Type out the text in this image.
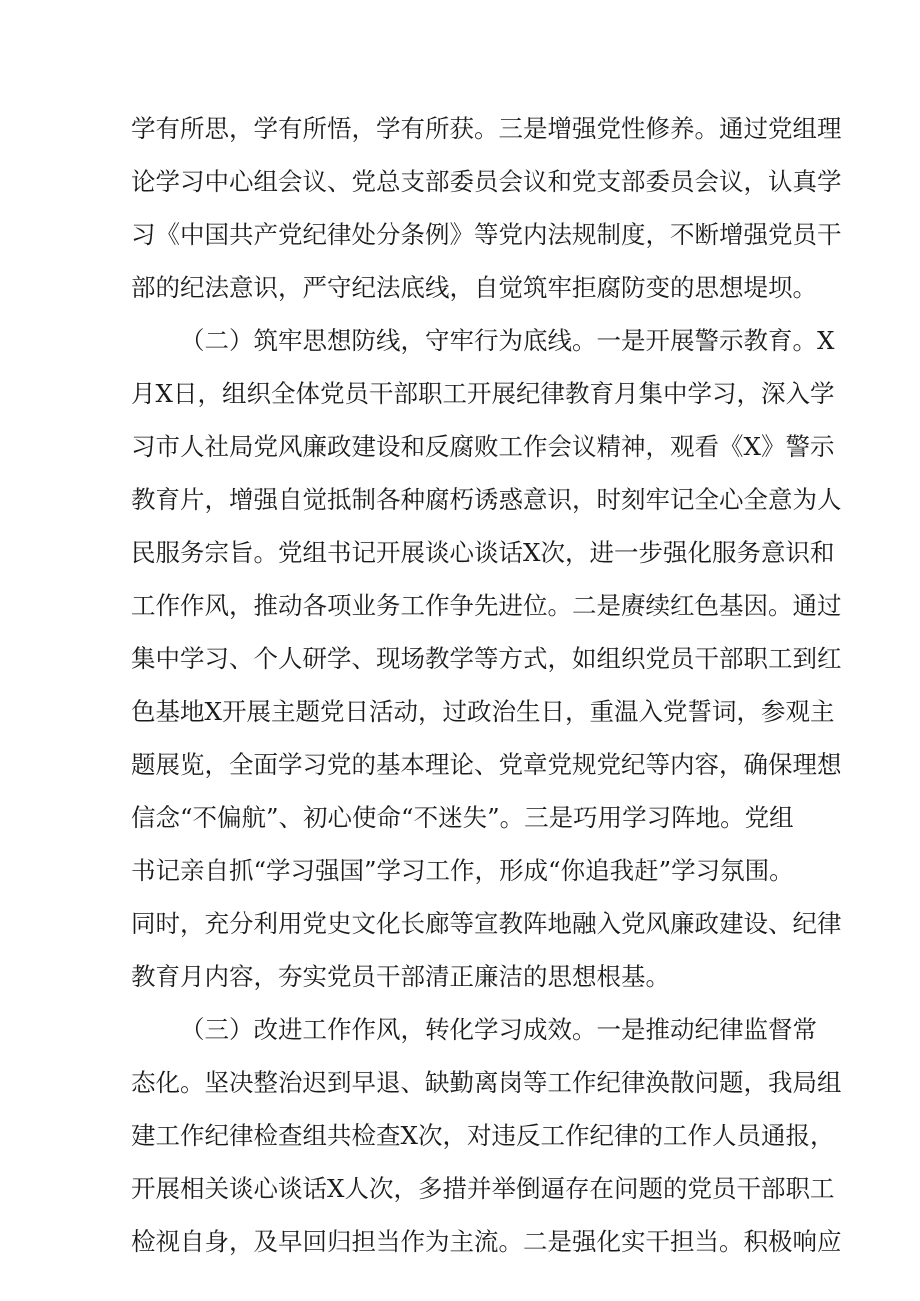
学有所思，学有所悟，学有所获。三是增强党性修养。通过党组理
论学习中心组会议、党总支部委员会议和党支部委员会议，认真学
习《中国共产党纪律处分条例》等党内法规制度，不断增强党员干
部的纪法意识，严守纪法底线，自觉筑牢拒腐防变的思想堤坝。
（二）筑牢思想防线，守牢行为底线。一是开展警示教育。X
月X日，组织全体党员干部职工开展纪律教育月集中学习，深入学
习市人社局党风廉政建设和反腐败工作会议精神，观看《X》警示
教育片，增强自觉抵制各种腐朽诱惑意识，时刻牢记全心全意为人
民服务宗旨。党组书记开展谈心谈话X次，进一步强化服务意识和
工作作风，推动各项业务工作争先进位。二是赓续红色基因。通过
集中学习、个人研学、现场教学等方式，如组织党员干部职工到红
色基地X开展主题党日活动，过政治生日，重温入党誓词，参观主
题展览，全面学习党的基本理论、党章党规党纪等内容，确保理想
信念“不偏航”、初心使命“不迷失”。三是巧用学习阵地。党组
书记亲自抓“学习强国”学习工作，形成“你追我赶”学习氛围。
同时，充分利用党史文化长廊等宣教阵地融入党风廉政建设、纪律
教育月内容，夯实党员干部清正廉洁的思想根基。
（三）改进工作作风，转化学习成效。一是推动纪律监督常
态化。坚决整治迟到早退、缺勤离岗等工作纪律涣散问题，我局组
建工作纪律检查组共检查X次，对违反工作纪律的工作人员通报，
开展相关谈心谈话X人次，多措并举倒逼存在问题的党员干部职工
检视自身，及早回归担当作为主流。二是强化实干担当。积极响应
